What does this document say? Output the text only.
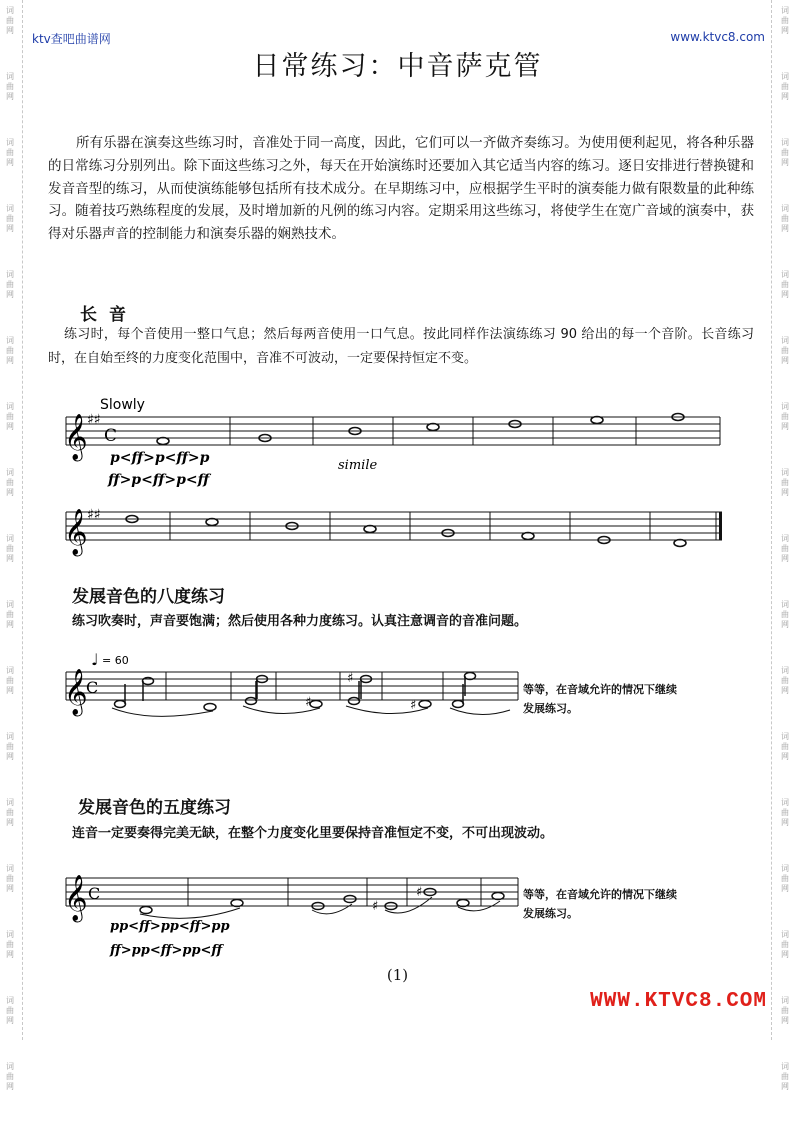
词
曲
网
词
曲
网
词
曲
网
词
曲
网
词
曲
网
词
曲
网
词
曲
网
词
曲
网
词
曲
网
词
曲
网
词
曲
网
词
曲
网
词
曲
网
词
曲
网
词
曲
网
词
曲
网
词
曲
网
词
曲
网
词
曲
网
词
曲
网
词
曲
网
词
曲
网
词
曲
网
词
曲
网
词
曲
网
词
曲
网
词
曲
网
词
曲
网
词
曲
网
词
曲
网
词
曲
网
词
曲
网
词
曲
网
词
曲
网
ktv查吧曲谱网	www.ktvc8.com
日常练习：中音萨克管

所有乐器在演奏这些练习时，音准处于同一高度，因此，它们可以一齐做齐奏练习。为使用便利起见，将各种乐器的日常练习分别列出。除下面这些练习之外，每天在开始演练时还要加入其它适当内容的练习。逐日安排进行替换键和发音音型的练习，从而使演练能够包括所有技术成分。在早期练习中，应根据学生平时的演奏能力做有限数量的此种练习。随着技巧熟练程度的发展，及时增加新的凡例的练习内容。定期采用这些练习，将使学生在宽广音域的演奏中，获得对乐器声音的控制能力和演奏乐器的娴熟技术。

长音

练习时，每个音使用一整口气息；然后每两音使用一口气息。按此同样作法演练练习 90 给出的每一个音阶。长音练习时，在自始至终的力度变化范围中，音准不可波动，一定要保持恒定不变。

Slowly
𝄞 ♯♯
C
p<ff>p<ff>p	simile
ff>p<ff>p<ff
𝄞 ♯♯
发展音色的八度练习

练习吹奏时，声音要饱满；然后使用各种力度练习。认真注意调音的音准问题。

♩ = 60
𝄞
C
♯
♯
♯
等等，在音域允许的情况下继续
发展练习。
发展音色的五度练习

连音一定要奏得完美无缺，在整个力度变化里要保持音准恒定不变，不可出现波动。

𝄞 C
♯
♯
pp<ff>pp<ff>pp
ff>pp<ff>pp<ff
等等，在音域允许的情况下继续
发展练习。
(1)
WWW.KTVC8.COM
